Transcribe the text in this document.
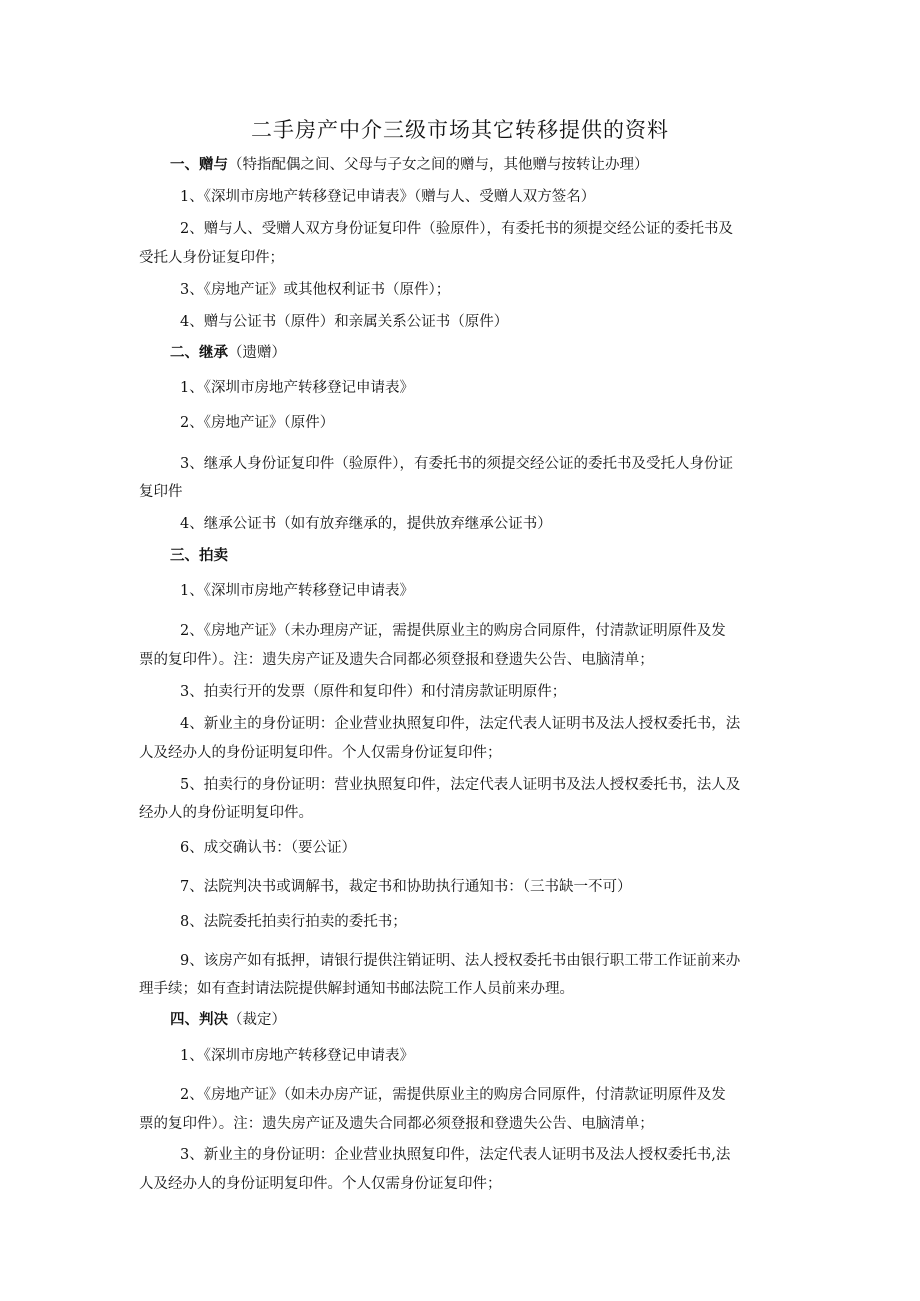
二手房产中介三级市场其它转移提供的资料
一、赠与（特指配偶之间、父母与子女之间的赠与，其他赠与按转让办理）
1、《深圳市房地产转移登记申请表》（赠与人、受赠人双方签名）
2、赠与人、受赠人双方身份证复印件（验原件），有委托书的须提交经公证的委托书及
受托人身份证复印件；
3、《房地产证》或其他权利证书（原件）；
4、赠与公证书（原件）和亲属关系公证书（原件）
二、继承（遗赠）
1、《深圳市房地产转移登记申请表》
2、《房地产证》（原件）
3、继承人身份证复印件（验原件），有委托书的须提交经公证的委托书及受托人身份证
复印件
4、继承公证书（如有放弃继承的，提供放弃继承公证书）
三、拍卖
1、《深圳市房地产转移登记申请表》
2、《房地产证》（未办理房产证，需提供原业主的购房合同原件，付清款证明原件及发
票的复印件）。注：遗失房产证及遗失合同都必须登报和登遗失公告、电脑清单；
3、拍卖行开的发票（原件和复印件）和付清房款证明原件；
4、新业主的身份证明：企业营业执照复印件，法定代表人证明书及法人授权委托书，法
人及经办人的身份证明复印件。个人仅需身份证复印件；
5、拍卖行的身份证明：营业执照复印件，法定代表人证明书及法人授权委托书，法人及
经办人的身份证明复印件。
6、成交确认书：（要公证）
7、法院判决书或调解书，裁定书和协助执行通知书：（三书缺一不可）
8、法院委托拍卖行拍卖的委托书；
9、该房产如有抵押，请银行提供注销证明、法人授权委托书由银行职工带工作证前来办
理手续；如有查封请法院提供解封通知书邮法院工作人员前来办理。
四、判决（裁定）
1、《深圳市房地产转移登记申请表》
2、《房地产证》（如未办房产证，需提供原业主的购房合同原件，付清款证明原件及发
票的复印件）。注：遗失房产证及遗失合同都必须登报和登遗失公告、电脑清单；
3、新业主的身份证明：企业营业执照复印件，法定代表人证明书及法人授权委托书,法
人及经办人的身份证明复印件。个人仅需身份证复印件；
